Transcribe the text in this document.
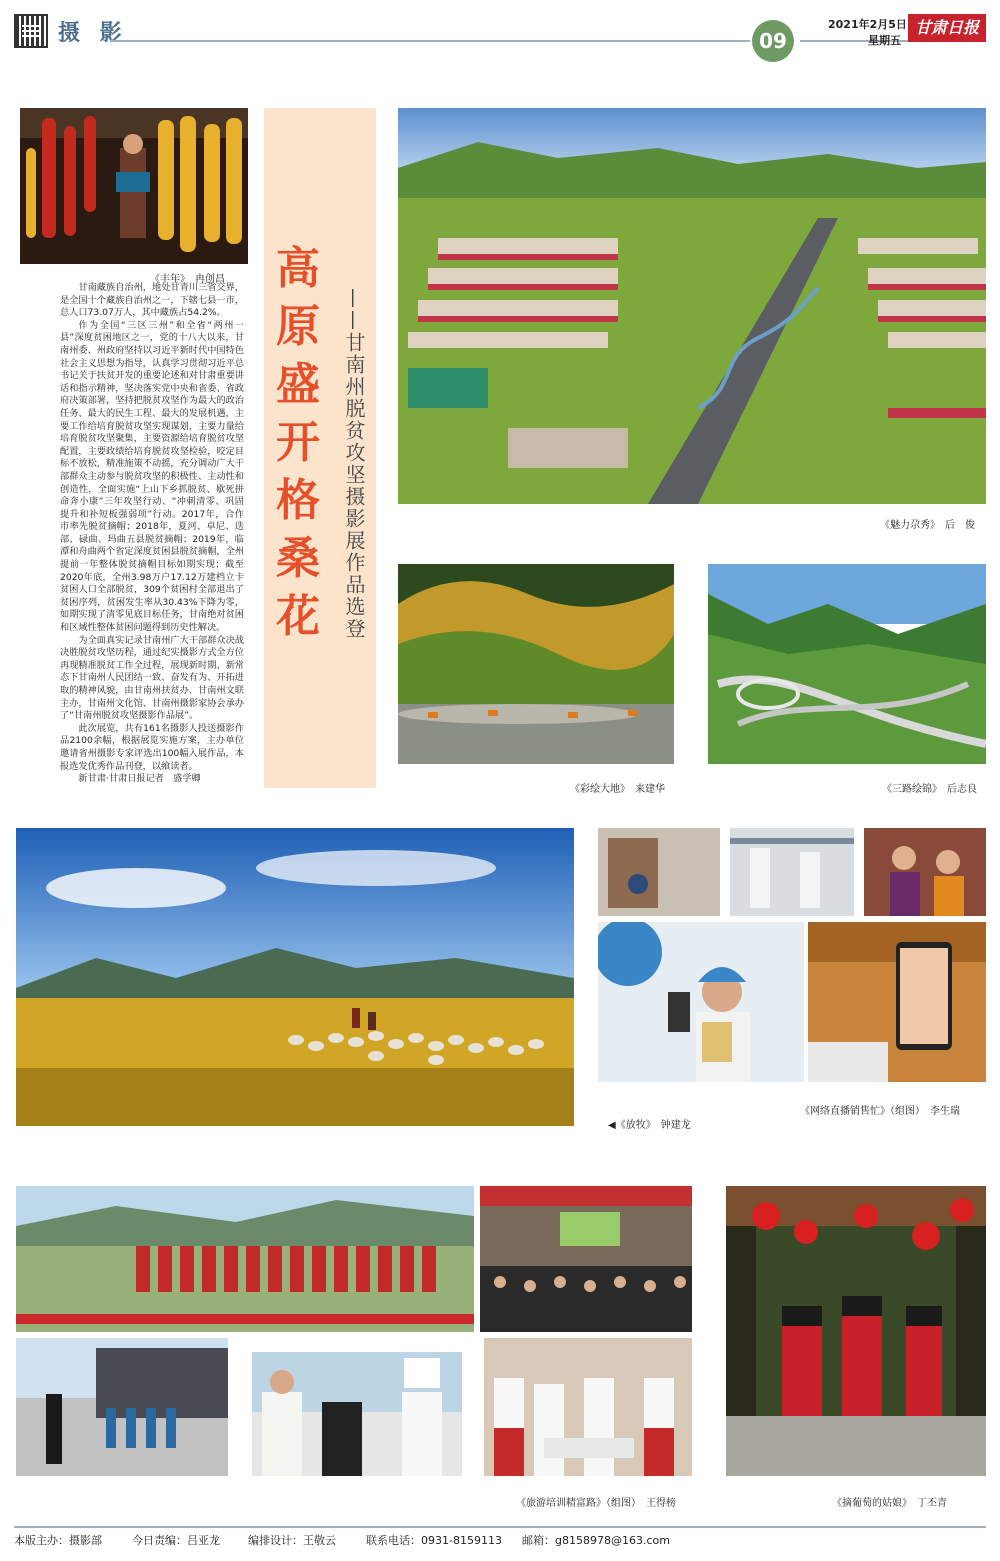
摄 影	09
2021年2月5日
星期五
甘肃日报
《丰年》　冉创昌 高原盛开格桑花 ——甘南州脱贫攻坚摄影展作品选登

甘南藏族自治州，地处甘青川三省交界，是全国十个藏族自治州之一，下辖七县一市，总人口73.07万人，其中藏族占54.2%。

作为全国“三区三州”和全省“两州一县”深度贫困地区之一，党的十八大以来，甘南州委、州政府坚持以习近平新时代中国特色社会主义思想为指导，认真学习贯彻习近平总书记关于扶贫开发的重要论述和对甘肃重要讲话和指示精神，坚决落实党中央和省委、省政府决策部署，坚持把脱贫攻坚作为最大的政治任务、最大的民生工程、最大的发展机遇，主要工作给培育脱贫攻坚实现谋划，主要力量给培育脱贫攻坚聚集，主要资源给培育脱贫攻坚配置，主要政绩给培育脱贫攻坚检验，咬定目标不放松，精准施策不动摇，充分调动广大干部群众主动参与脱贫攻坚的积极性、主动性和创造性，全面实施“上山下乡抓脱贫、歇死拼命奔小康”三年攻坚行动、“冲刺清零、巩固提升和补短板强弱项”行动。2017年，合作市率先脱贫摘帽；2018年，夏河、卓尼、迭部、碌曲、玛曲五县脱贫摘帽；2019年，临潭和舟曲两个省定深度贫困县脱贫摘帽，全州提前一年整体脱贫摘帽目标如期实现；截至2020年底，全州3.98万户17.12万建档立卡贫困人口全部脱贫，309个贫困村全部退出了贫困序列，贫困发生率从30.43%下降为零，如期实现了清零见底目标任务，甘南绝对贫困和区域性整体贫困问题得到历史性解决。

为全面真实记录甘南州广大干部群众决战决胜脱贫攻坚历程，通过纪实摄影方式全方位再现精准脱贫工作全过程，展现新时期、新常态下甘南州人民团结一致、奋发有为、开拓进取的精神风貌，由甘南州扶贫办、甘南州文联主办，甘南州文化馆、甘南州摄影家协会承办了“甘南州脱贫攻坚摄影作品展”。

此次展览，共有161名摄影人投送摄影作品2100余幅，根据展览实施方案，主办单位邀请省州摄影专家评选出100幅入展作品，本报选发优秀作品刊登，以飨读者。

新甘肃·甘肃日报记者　盛学卿

《魅力尕秀》　后　俊
《彩绘大地》　来建华	《三路绘锦》　后志良
◀《放牧》　钟建龙
《网络直播销售忙》（组图）　李生瑞
《旅游培训精富路》（组图）　王得榜	《摘葡萄的姑娘》　丁丕青
本版主办：摄影部	今日责编：吕亚龙	编排设计：王敬云	联系电话：0931-8159113 邮箱：g8158978@163.com
